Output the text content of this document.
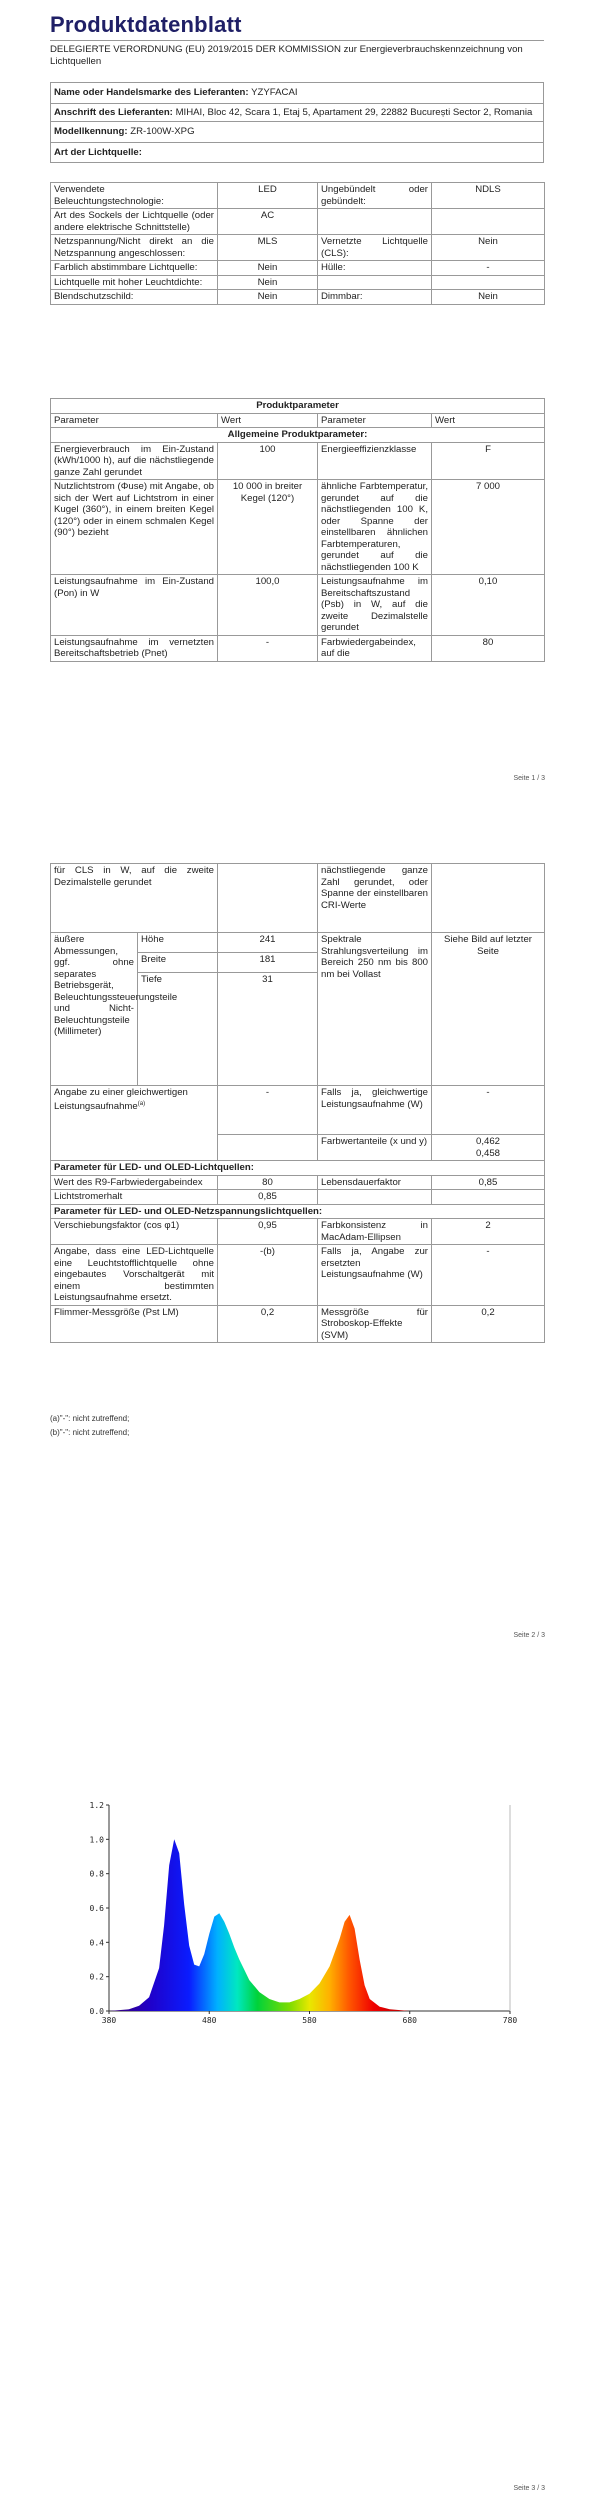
Produktdatenblatt
DELEGIERTE VERORDNUNG (EU) 2019/2015 DER KOMMISSION zur Energieverbrauchskennzeichnung von Lichtquellen
Name oder Handelsmarke des Lieferanten: YZYFACAI
Anschrift des Lieferanten: MIHAI, Bloc 42, Scara 1, Etaj 5, Apartament 29, 22882 București Sector 2, Romania
Modellkennung: ZR-100W-XPG
Art der Lichtquelle:
Verwendete Beleuchtungstechnologie:	LED	Ungebündelt oder gebündelt:	NDLS
Art des Sockels der Lichtquelle (oder andere elektrische Schnittstelle)	AC		
Netzspannung/Nicht direkt an die Netzspannung angeschlossen:	MLS	Vernetzte Lichtquelle (CLS):	Nein
Farblich abstimmbare Lichtquelle:	Nein	Hülle:	-
Lichtquelle mit hoher Leuchtdichte:	Nein		
Blendschutzschild:	Nein	Dimmbar:	Nein
Produktparameter			
Parameter	Wert	Parameter	Wert
Allgemeine Produktparameter:			
Energieverbrauch im Ein-Zustand (kWh/1000 h), auf die nächstliegende ganze Zahl gerundet	100	Energieeffizienzklasse	F
Nutzlichtstrom (Φuse) mit Angabe, ob sich der Wert auf Lichtstrom in einer Kugel (360°), in einem breiten Kegel (120°) oder in einem schmalen Kegel (90°) bezieht	10 000 in breiter Kegel (120°)	ähnliche Farbtemperatur, gerundet auf die nächstliegenden 100 K, oder Spanne der einstellbaren ähnlichen Farbtemperaturen, gerundet auf die nächstliegenden 100 K	7 000
Leistungsaufnahme im Ein-Zustand (Pon) in W	100,0	Leistungsaufnahme im Bereitschaftszustand (Psb) in W, auf die zweite Dezimalstelle gerundet	0,10
Leistungsaufnahme im vernetzten Bereitschaftsbetrieb (Pnet)	-	Farbwiedergabeindex, auf die	80
Seite 1 / 3
für CLS in W, auf die zweite Dezimalstelle gerundet			nächstliegende ganze Zahl gerundet, oder Spanne der einstellbaren CRI-Werte	
äußere Abmessungen, ggf. ohne separates Betriebsgerät, Beleuchtungssteuerungsteile und Nicht-Beleuchtungsteile (Millimeter)	Höhe	241	Spektrale Strahlungsverteilung im Bereich 250 nm bis 800 nm bei Vollast	Siehe Bild auf letzter Seite
	Breite	181		
	Tiefe	31		
Angabe zu einer gleichwertigen Leistungsaufnahme$^{(a)}$		-	Falls ja, gleichwertige Leistungsaufnahme (W)	-
			Farbwertanteile (x und y)	0,462
0,458

Parameter für LED- und OLED-Lichtquellen:				
Wert des R9-Farbwiedergabeindex		80	Lebensdauerfaktor	0,85
Lichtstromerhalt		0,85		
Parameter für LED- und OLED-Netzspannungslichtquellen:				
Verschiebungsfaktor (cos φ1)		0,95	Farbkonsistenz in MacAdam-Ellipsen	2
Angabe, dass eine LED-Lichtquelle eine Leuchtstofflichtquelle ohne eingebautes Vorschaltgerät mit einem bestimmten Leistungsaufnahme ersetzt.		-(b)	Falls ja, Angabe zur ersetzten Leistungsaufnahme (W)	-
Flimmer-Messgröße (Pst LM)		0,2	Messgröße für Stroboskop-Effekte (SVM)	0,2
(a)"-": nicht zutreffend;
(b)"-": nicht zutreffend;
Seite 2 / 3
Seite 3 / 3
0.0
0.2
0.4
0.6
0.8
1.0
1.2
380	480	580	680	780
